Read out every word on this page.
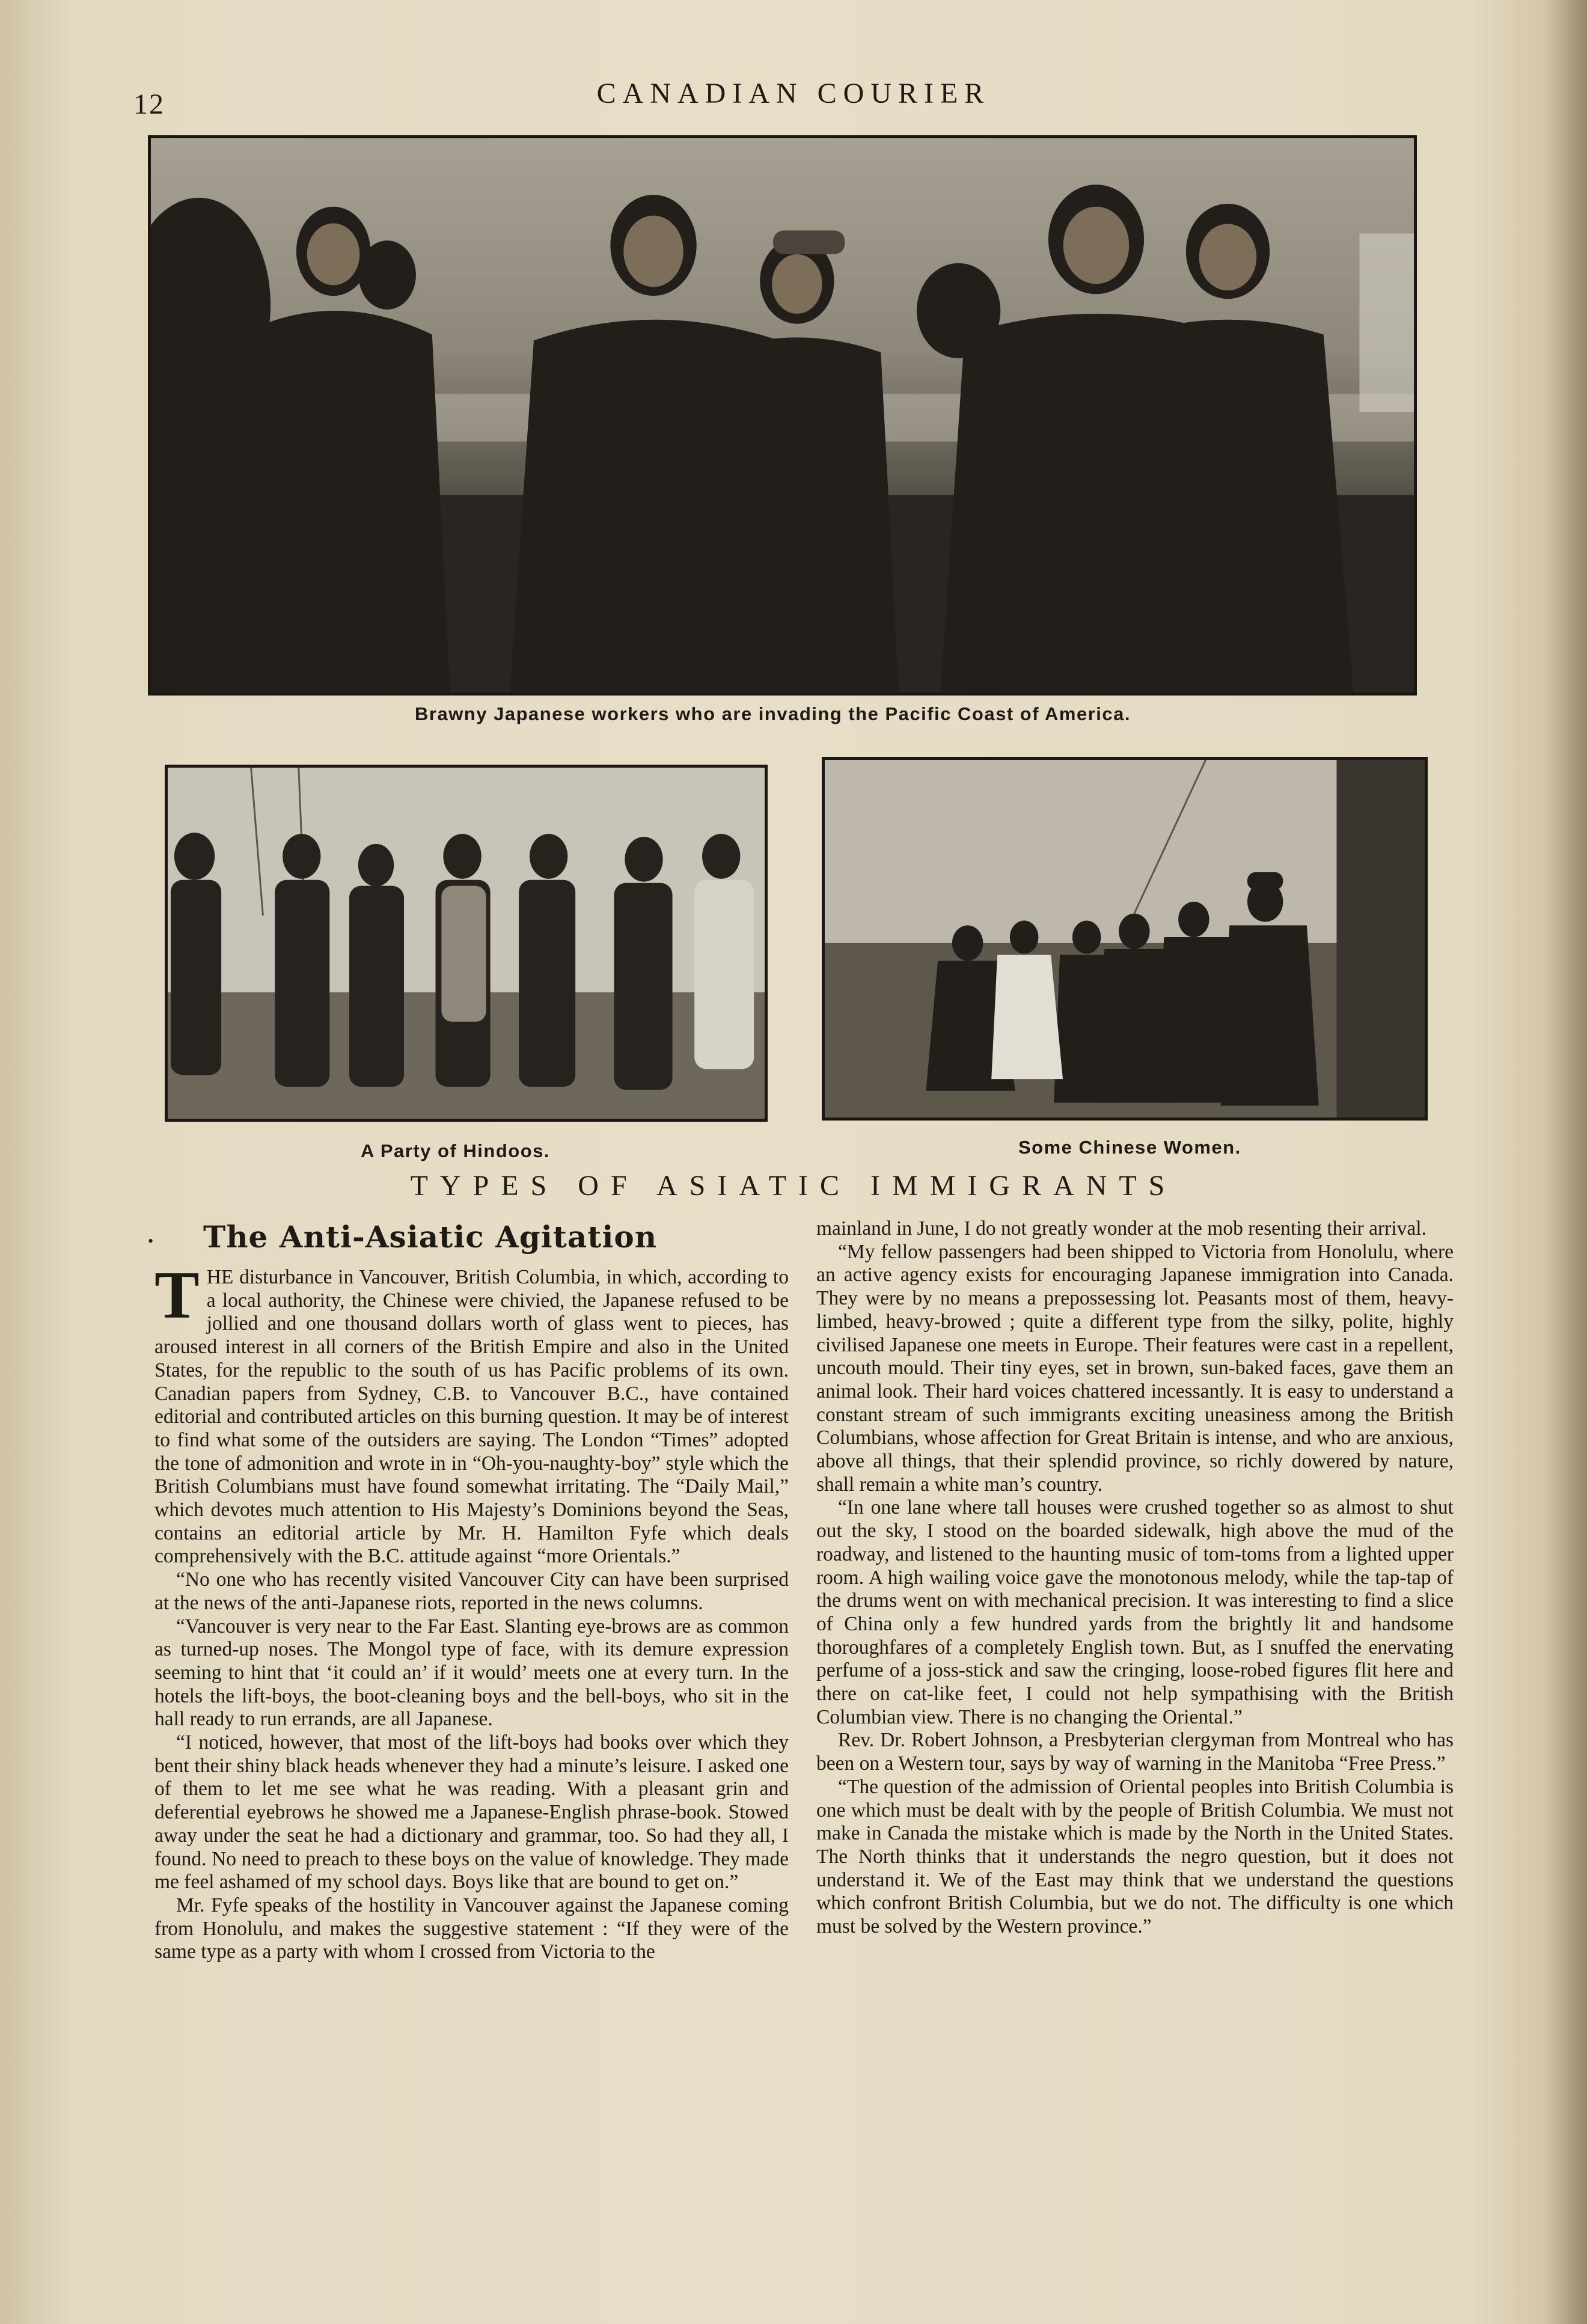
12	CANADIAN COURIER
Brawny Japanese workers who are invading the Pacific Coast of America.
A Party of Hindoos.	Some Chinese Women.
TYPES OF ASIATIC IMMIGRANTS
• The Anti-Asiatic Agitation

THE disturbance in Vancouver, British Columbia, in which, according to a local authority, the Chinese were chivied, the Japanese refused to be jollied and one thousand dollars worth of glass went to pieces, has aroused interest in all corners of the British Empire and also in the United States, for the republic to the south of us has Pacific problems of its own. Canadian papers from Sydney, C.B. to Vancouver B.C., have contained editorial and contributed articles on this burning question. It may be of interest to find what some of the outsiders are saying. The London “Times” adopted the tone of admonition and wrote in in “Oh-you-naughty-boy” style which the British Columbians must have found somewhat irritating. The “Daily Mail,” which devotes much attention to His Majesty’s Dominions beyond the Seas, contains an editorial article by Mr. H. Hamilton Fyfe which deals comprehensively with the B.C. attitude against “more Orientals.”

“No one who has recently visited Vancouver City can have been surprised at the news of the anti-Japanese riots, reported in the news columns.

“Vancouver is very near to the Far East. Slanting eye-brows are as common as turned-up noses. The Mongol type of face, with its demure expression seeming to hint that ‘it could an’ if it would’ meets one at every turn. In the hotels the lift-boys, the boot-cleaning boys and the bell-boys, who sit in the hall ready to run errands, are all Japanese.

“I noticed, however, that most of the lift-boys had books over which they bent their shiny black heads whenever they had a minute’s leisure. I asked one of them to let me see what he was reading. With a pleasant grin and deferential eyebrows he showed me a Japanese-English phrase-book. Stowed away under the seat he had a dictionary and grammar, too. So had they all, I found. No need to preach to these boys on the value of knowledge. They made me feel ashamed of my school days. Boys like that are bound to get on.”

Mr. Fyfe speaks of the hostility in Vancouver against the Japanese coming from Honolulu, and makes the suggestive statement : “If they were of the same type as a party with whom I crossed from Victoria to the

mainland in June, I do not greatly wonder at the mob resenting their arrival.

“My fellow passengers had been shipped to Victoria from Honolulu, where an active agency exists for encouraging Japanese immigration into Canada. They were by no means a prepossessing lot. Peasants most of them, heavy-limbed, heavy-browed ; quite a different type from the silky, polite, highly civilised Japanese one meets in Europe. Their features were cast in a repellent, uncouth mould. Their tiny eyes, set in brown, sun-baked faces, gave them an animal look. Their hard voices chattered incessantly. It is easy to understand a constant stream of such immigrants exciting uneasiness among the British Columbians, whose affection for Great Britain is intense, and who are anxious, above all things, that their splendid province, so richly dowered by nature, shall remain a white man’s country.

“In one lane where tall houses were crushed together so as almost to shut out the sky, I stood on the boarded sidewalk, high above the mud of the roadway, and listened to the haunting music of tom-toms from a lighted upper room. A high wailing voice gave the monotonous melody, while the tap-tap of the drums went on with mechanical precision. It was interesting to find a slice of China only a few hundred yards from the brightly lit and handsome thoroughfares of a completely English town. But, as I snuffed the enervating perfume of a joss-stick and saw the cringing, loose-robed figures flit here and there on cat-like feet, I could not help sympathising with the British Columbian view. There is no changing the Oriental.”

Rev. Dr. Robert Johnson, a Presbyterian clergyman from Montreal who has been on a Western tour, says by way of warning in the Manitoba “Free Press.”

“The question of the admission of Oriental peoples into British Columbia is one which must be dealt with by the people of British Columbia. We must not make in Canada the mistake which is made by the North in the United States. The North thinks that it understands the negro question, but it does not understand it. We of the East may think that we understand the questions which confront British Columbia, but we do not. The difficulty is one which must be solved by the Western province.”
